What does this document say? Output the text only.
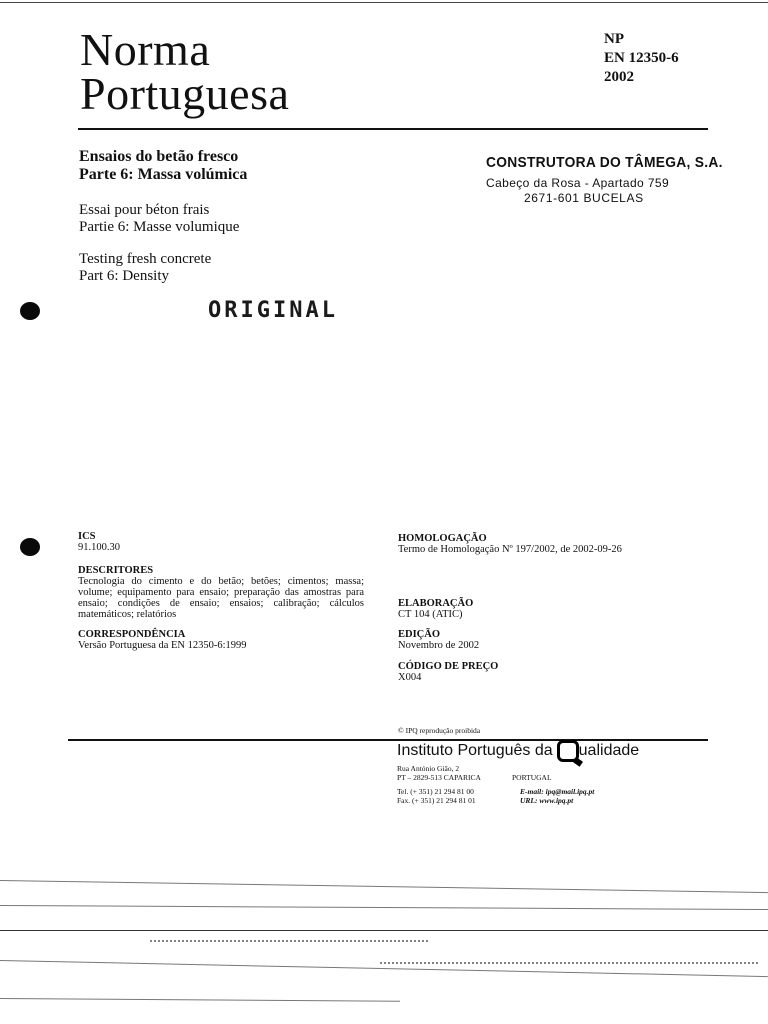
Norma
Portuguesa
NP
EN 12350-6
2002
Ensaios do betão fresco
Parte 6: Massa volúmica
Essai pour béton frais
Partie 6: Masse volumique
Testing fresh concrete
Part 6: Density
CONSTRUTORA DO TÂMEGA, S.A.
Cabeço da Rosa - Apartado 759
2671-601 BUCELAS
ORIGINAL
ICS
91.100.30
DESCRITORES
Tecnologia do cimento e do betão; betões; cimentos; massa; volume; equipamento para ensaio; preparação das amostras para ensaio; condições de ensaio; ensaios; calibração; cálculos matemáticos; relatórios
CORRESPONDÊNCIA
Versão Portuguesa da EN 12350-6:1999
HOMOLOGAÇÃO
Termo de Homologação Nº 197/2002, de 2002-09-26
ELABORAÇÃO
CT 104 (ATIC)
EDIÇÃO
Novembro de 2002
CÓDIGO DE PREÇO
X004
© IPQ reprodução proibida
Instituto Português da ualidade
Rua António Gião, 2
PT – 2829-513 CAPARICA	PORTUGAL
Tel. (+ 351) 21 294 81 00
Fax. (+ 351) 21 294 81 01
E-mail: ipq@mail.ipq.pt
URL: www.ipq.pt
